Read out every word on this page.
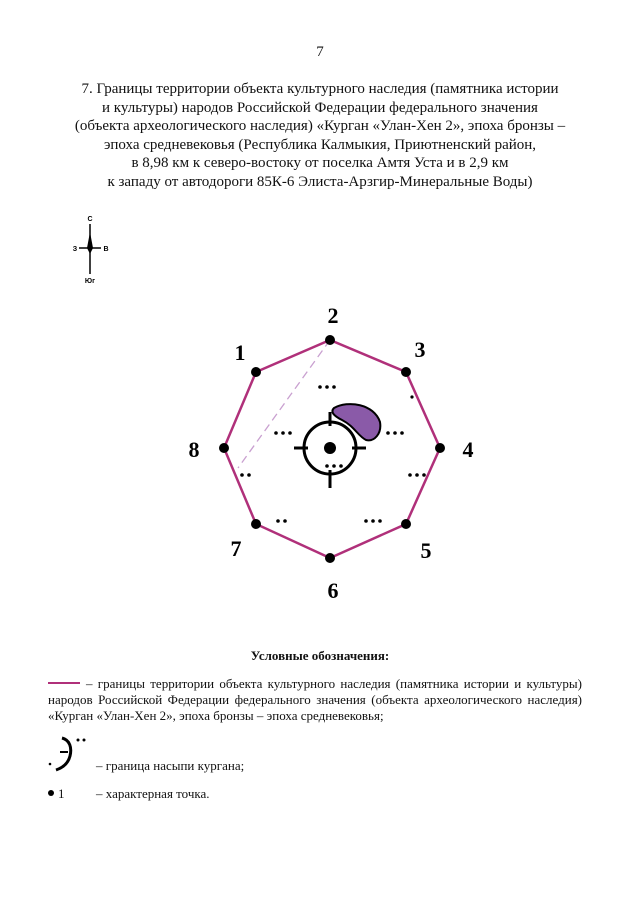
7
7. Границы территории объекта культурного наследия (памятника истории
и культуры) народов Российской Федерации федерального значения
(объекта археологического наследия) «Курган «Улан-Хен 2», эпоха бронзы –
эпоха средневековья (Республика Калмыкия, Приютненский район,
в 8,98 км к северо-востоку от поселка Амтя Уста и в 2,9 км
к западу от автодороги 85К-6 Элиста-Арзгир-Минеральные Воды)
С
З	В
Юг
1
2
3
4
5
6
7
8
Условные обозначения:
– границы территории объекта культурного наследия (памятника истории и культуры) народов Российской Федерации федерального значения (объекта археологического наследия) «Курган «Улан-Хен 2», эпоха бронзы – эпоха средневековья;
– граница насыпи кургана;
1 – характерная точка.
